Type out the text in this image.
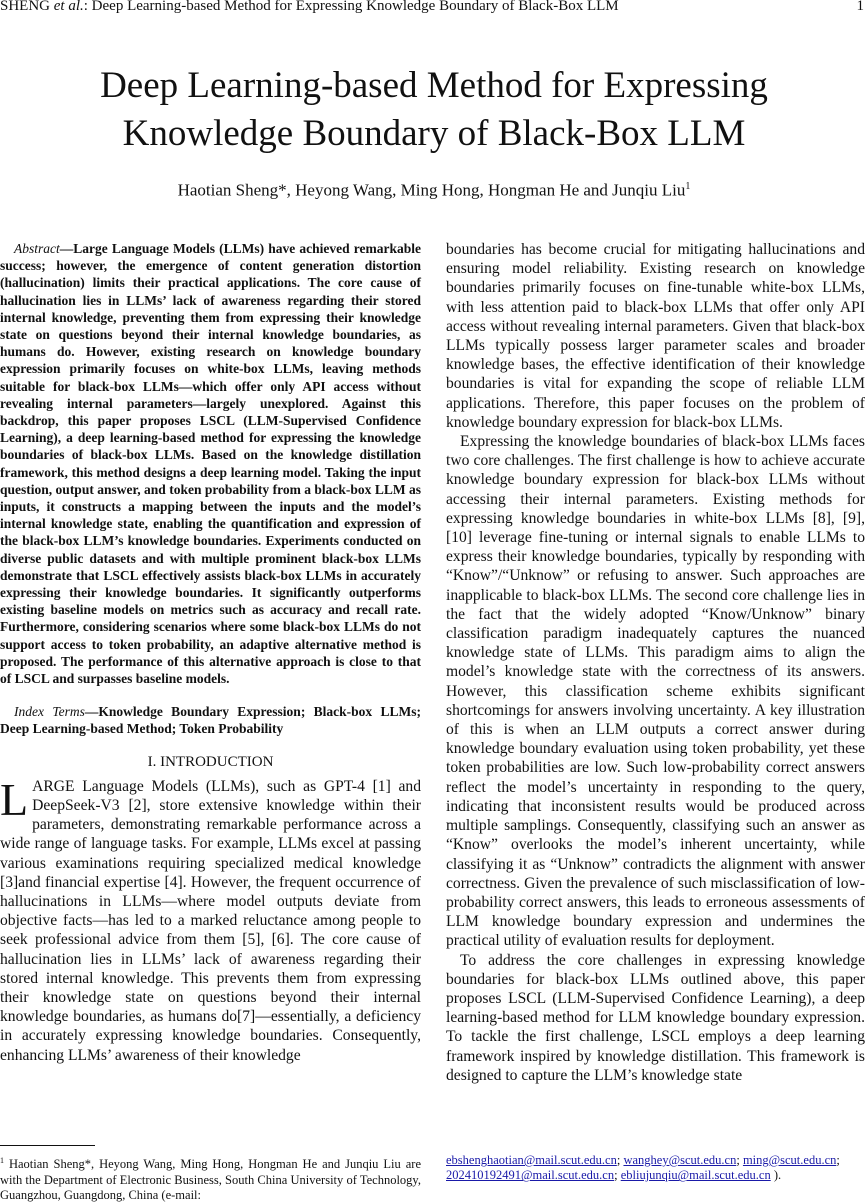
SHENG et al.: Deep Learning-based Method for Expressing Knowledge Boundary of Black-Box LLM	1
Deep Learning-based Method for Expressing
Knowledge Boundary of Black-Box LLM
Haotian Sheng*, Heyong Wang, Ming Hong, Hongman He and Junqiu Liu$^1$

Abstract—Large Language Models (LLMs) have achieved remarkable success; however, the emergence of content generation distortion (hallucination) limits their practical applications. The core cause of hallucination lies in LLMs’ lack of awareness regarding their stored internal knowledge, preventing them from expressing their knowledge state on questions beyond their internal knowledge boundaries, as humans do. However, existing research on knowledge boundary expression primarily focuses on white-box LLMs, leaving methods suitable for black-box LLMs—which offer only API access without revealing internal parameters—largely unexplored. Against this backdrop, this paper proposes LSCL (LLM-Supervised Confidence Learning), a deep learning-based method for expressing the knowledge boundaries of black-box LLMs. Based on the knowledge distillation framework, this method designs a deep learning model. Taking the input question, output answer, and token probability from a black-box LLM as inputs, it constructs a mapping between the inputs and the model’s internal knowledge state, enabling the quantification and expression of the black-box LLM’s knowledge boundaries. Experiments conducted on diverse public datasets and with multiple prominent black-box LLMs demonstrate that LSCL effectively assists black-box LLMs in accurately expressing their knowledge boundaries. It significantly outperforms existing baseline models on metrics such as accuracy and recall rate. Furthermore, considering scenarios where some black-box LLMs do not support access to token probability, an adaptive alternative method is proposed. The performance of this alternative approach is close to that of LSCL and surpasses baseline models.

Index Terms—Knowledge Boundary Expression; Black-box LLMs; Deep Learning-based Method; Token Probability

I. INTRODUCTION

LARGE Language Models (LLMs), such as GPT-4 [1] and DeepSeek-V3 [2], store extensive knowledge within their parameters, demonstrating remarkable performance across a wide range of language tasks. For example, LLMs excel at passing various examinations requiring specialized medical knowledge [3]and financial expertise [4]. However, the frequent occurrence of hallucinations in LLMs—where model outputs deviate from objective facts—has led to a marked reluctance among people to seek professional advice from them [5], [6]. The core cause of hallucination lies in LLMs’ lack of awareness regarding their stored internal knowledge. This prevents them from expressing their knowledge state on questions beyond their internal knowledge boundaries, as humans do[7]—essentially, a deficiency in accurately expressing knowledge boundaries. Consequently, enhancing LLMs’ awareness of their knowledge

boundaries has become crucial for mitigating hallucinations and ensuring model reliability. Existing research on knowledge boundaries primarily focuses on fine-tunable white-box LLMs, with less attention paid to black-box LLMs that offer only API access without revealing internal parameters. Given that black-box LLMs typically possess larger parameter scales and broader knowledge bases, the effective identification of their knowledge boundaries is vital for expanding the scope of reliable LLM applications. Therefore, this paper focuses on the problem of knowledge boundary expression for black-box LLMs.

Expressing the knowledge boundaries of black-box LLMs faces two core challenges. The first challenge is how to achieve accurate knowledge boundary expression for black-box LLMs without accessing their internal parameters. Existing methods for expressing knowledge boundaries in white-box LLMs [8], [9], [10] leverage fine-tuning or internal signals to enable LLMs to express their knowledge boundaries, typically by responding with “Know”/“Unknow” or refusing to answer. Such approaches are inapplicable to black-box LLMs. The second core challenge lies in the fact that the widely adopted “Know/Unknow” binary classification paradigm inadequately captures the nuanced knowledge state of LLMs. This paradigm aims to align the model’s knowledge state with the correctness of its answers. However, this classification scheme exhibits significant shortcomings for answers involving uncertainty. A key illustration of this is when an LLM outputs a correct answer during knowledge boundary evaluation using token probability, yet these token probabilities are low. Such low-probability correct answers reflect the model’s uncertainty in responding to the query, indicating that inconsistent results would be produced across multiple samplings. Consequently, classifying such an answer as “Know” overlooks the model’s inherent uncertainty, while classifying it as “Unknow” contradicts the alignment with answer correctness. Given the prevalence of such misclassification of low-probability correct answers, this leads to erroneous assessments of LLM knowledge boundary expression and undermines the practical utility of evaluation results for deployment.

To address the core challenges in expressing knowledge boundaries for black-box LLMs outlined above, this paper proposes LSCL (LLM-Supervised Confidence Learning), a deep learning-based method for LLM knowledge boundary expression. To tackle the first challenge, LSCL employs a deep learning framework inspired by knowledge distillation. This framework is designed to capture the LLM’s knowledge state

$^1$ Haotian Sheng*, Heyong Wang, Ming Hong, Hongman He and Junqiu Liu are with the Department of Electronic Business, South China University of Technology, Guangzhou, Guangdong, China (e-mail:
ebshenghaotian@mail.scut.edu.cn; wanghey@scut.edu.cn; ming@scut.edu.cn; 202410192491@mail.scut.edu.cn; ebliujunqiu@mail.scut.edu.cn ).
